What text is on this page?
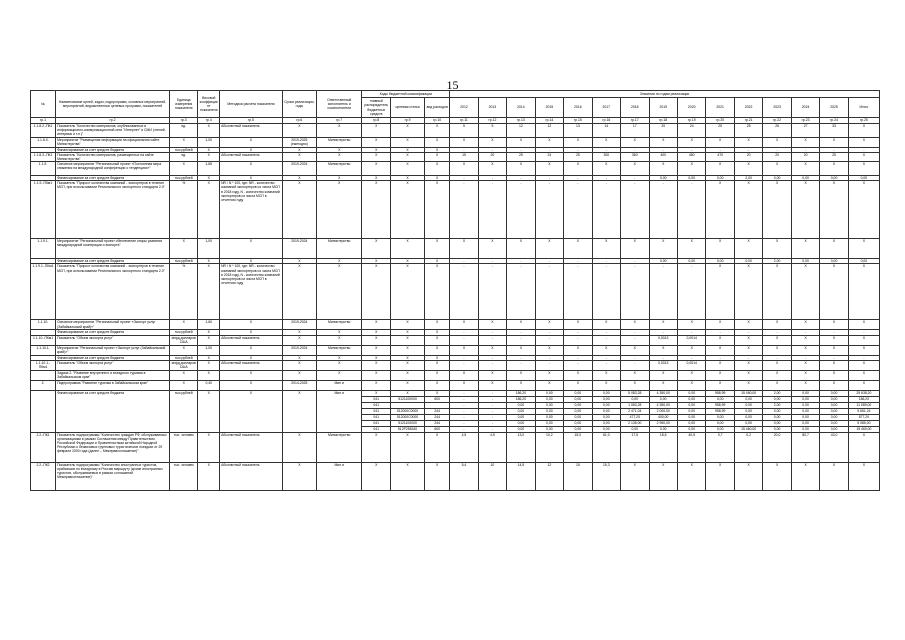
15
№	Наименование целей, задач, подпрограмм, основных мероприятий, мероприятий, ведомственных целевых программ, показателей	Единица измерения показателя	Весовой коэффициент показателя	Методика расчета показателя	Сроки реализации, годы	Ответственный исполнитель и соисполнители	Коды бюджетной классификации			Значения по годам реализации														
							главный распорядитель бюджетных средств	целевая статья	вид расходов	2012	2013	2014	2015	2016	2017	2018	2019	2020	2021	2022	2023	2024	2025	Итого
гр.1	гр.2	гр.3	гр.4	гр.5	гр.6	гр.7	гр.8	гр.9	гр.10	гр.11	гр.12	гр.13	гр.14	гр.15	гр.16	гр.17	гр.18	гр.19	гр.20	гр.21	гр.22	гр.23	гр.24	гр.25
1.1.8.2.-ПК1	Показатель "Количество материалов, опубликованных в информационно-коммуникационной сети "Интернет" и СМИ (чтений, интервью и т.п.)"	ед.	Х	Абсолютный показатель	Х	Х	Х	Х	Х	5	5	12	12	13	14	17	20	24	25	25	26	27	33	Х
1.1.8.Х.	Мероприятие "Размещение информации на официальном сайте Министерства"	Х	1,00	Х	2019-2025 (ежегодно)	Министерство	Х	Х	Х	Х	Х	Х	Х	Х	Х	Х	Х	Х	Х	Х	Х	Х	Х	Х
	Финансирование за счет средств бюджета	тыс.рублей	Х	Х	Х	Х	Х	Х	Х	-	-	-	-	-	-	-	-	-	-	-	-	-	-	-
1.1.8.3.-ПК1	Показатель "Количество материалов, размещенных на сайте Министерства"	ед.	Х	Абсолютный показатель	Х	Х	Х	Х	Х	15	20	25	24	25	300	360	400	450	470	20	20	20	25	Х
1.1.9.	Основное мероприятие "Региональный проект «Постоянная мера снижения на международной конференции о тенденциях»"	Х	1,65	Х	2019-2024	Министерство	Х	Х	Х	Х	Х	Х	Х	Х	Х	Х	Х	Х	Х	Х	Х	Х	Х	Х
	Финансирование за счет средств бюджета	тыс.рублей	Х	Х	Х	Х	Х	Х	Х	-	-	-	-	-	-	-	0,00	0,00	0,00	2,00	0,00	0,00	0,00	0,00
1.1.9.-ПКм1	Показатель "Прирост количества компаний - экспортеров в течение МСП, при использовании Регионального экспортного стандарта 2.0"	%	Х	NR / N * 100, где: NR - количество компаний экспортеров из числа МСП в 2018 году, N - количество компаний экспортеров из числа МСП в отчетном году	Х	Х	Х	Х	Х	-	-	-	-	-	-	-	-	-	Х	Х	Х	Х	Х	Х
1.1.9.1.	Мероприятие "Региональный проект обеспечение опоры развития международной кооперации и экспорта"	Х	1,00	Х	2019-2024	Министерство	Х	Х	Х	Х	Х	Х	Х	Х	Х	Х	Х	Х	Х	Х	Х	Х	Х	Х
	Финансирование за счет средств бюджета	тыс.рублей	Х	Х	Х	Х	Х	Х	Х	-	-	-	-	-	-	-	0,00	0,00	0,00	0,00	2,00	0,00	0,00	0,00
1.1.9.1.-ПКм1	Показатель "Прирост количества компаний - экспортеров в течение МСП, при использовании Регионального экспортного стандарта 2.0"	%	Х	NR / N * 100, где: NR - количество компаний экспортеров из числа МСП в 2018 году, N - количество компаний экспортеров из числа МСП в отчетном году	Х	Х	Х	Х	Х	-	-	-	-	-	-	-	-	-	Х	Х	Х	Х	Х	Х
1.1.10.	Основное мероприятие "Региональный проект «Экспорт услуг (Забайкальский край)»"	Х	1,60	Х	2019-2024	Министерство	Х	Х	Х	Х	Х	Х	Х	Х	Х	Х	Х	Х	Х	Х	Х	Х	Х	Х
	Финансирование за счет средств бюджета	тыс.рублей	Х	Х	Х	Х	Х	Х	Х	-	-	-	-	-	-	-	-	-	-	-	-	-	-	-
1.1.10.-ПКм1	Показатель "Объем экспорта услуг"	млрд.долларов США	Х	Абсолютный показатель	Х	Х	Х	Х	Х	-	-	-	-	-	-	-	0,0013	0,0014	Х	Х	Х	Х	Х	Х
1.1.10.1.	Мероприятие "Региональный проект «Экспорт услуг (Забайкальский край)»"	Х	1,00	Х	2019-2024	Министерство	Х	Х	Х	Х	Х	Х	Х	Х	Х	Х	Х	Х	Х	Х	Х	Х	Х	Х
	Финансирование за счет средств бюджета	тыс.рублей	Х	Х	Х	Х	Х	Х	Х	-	-	-	-	-	-	-	-	-	-	-	-	-	-	-
1.1.10.1.-ПКм1	Показатель "Объем экспорта услуг"	млрд.долларов США	Х	Абсолютный показатель	Х	Х	Х	Х	Х	-	-	-	-	-	-	-	0,0013	0,0014	Х	Х	Х	Х	Х	Х
	Задача 2. "Развитие внутреннего и въездного туризма в Забайкальском крае"	Х	Х	Х	Х	Х	Х	Х	Х	Х	Х	Х	Х	Х	Х	Х	Х	Х	Х	Х	Х	Х	Х	Х
2.	Подпрограмма "Развитие туризма в Забайкальском крае"	Х	0,40	Х	2014-2025	Мин и	Х	Х	Х	Х	Х	Х	Х	Х	Х	Х	Х	Х	Х	Х	Х	Х	Х	Х
	Финансирование за счет средств бюджета	тыс.рублей	Х	Х	Х	Мин и	Х	Х	Х	-	-	186,20	0,00	0,00	0,00	5 083,28	4 350,00	0,00	958,99	15 460,00	2,00	0,00	0,00	25 638,20
							041	5121100000	600	-	-	186,20	0,00	0,00	0,00	0,00	0,00	0,00	0,00	0,00	0,00	0,00	0,00	186,20
							041			-	-	0,00	0,00	0,00	0,00	1 083,28	4 350,00	0,00	958,99	0,00	2,00	0,00	0,00	11 089,00
							041	512000С0000	244	-	-	0,00	0,00	0,00	0,00	2 471,04	2 000,00	0,00	958,99	0,00	0,00	0,00	0,00	5 651,24
							041	512000С0000	244	-	-	0,00	0,00	0,00	0,00	477,20	400,00	0,00	0,00	0,00	0,00	0,00	0,00	877,20
							041	5121100000	244	-	-	0,00	0,00	0,00	0,00	2 135,00	2 950,00	0,00	0,00	0,00	0,00	0,00	0,00	5 085,00
							041	512P255340	600	-	-	0,00	0,00	0,00	0,00	0,00	0,00	0,00	0,00	15 460,00	0,00	0,00	0,00	15 460,00
2.2.-ПК1	Показатель подпрограммы "Количество граждан РФ, обслуживаемых организациями в рамках Соглашения между Правительством Российской Федерации и Правительством китайской Народной Республики о безвизовых групповых туристических поездках от 29 февраля 2000 года (далее – Межправсоглашение)"	тыс. человек	Х	Абсолютный показатель	Х	Министерство	Х	Х	Х	4,5	4,5	13,0	10,2	15,0	61,0	17,5	18,5	40,5	0,7	0,2	20,0	80,7	43,0	Х
2.2.-ПК2	Показатель подпрограммы "Количество иностранных туристов, прибывших по въездному в Россию маршруту (кроме иностранных туристов, обслуживаемых в рамках соглашений Межправсоглашение)"	тыс. человек	Х	Абсолютный показатель	Х	Мин и	Х	Х	Х	5,4	10	14,5	12	15	15,3	Х	Х	Х	Х	Х	Х	Х	Х	Х
